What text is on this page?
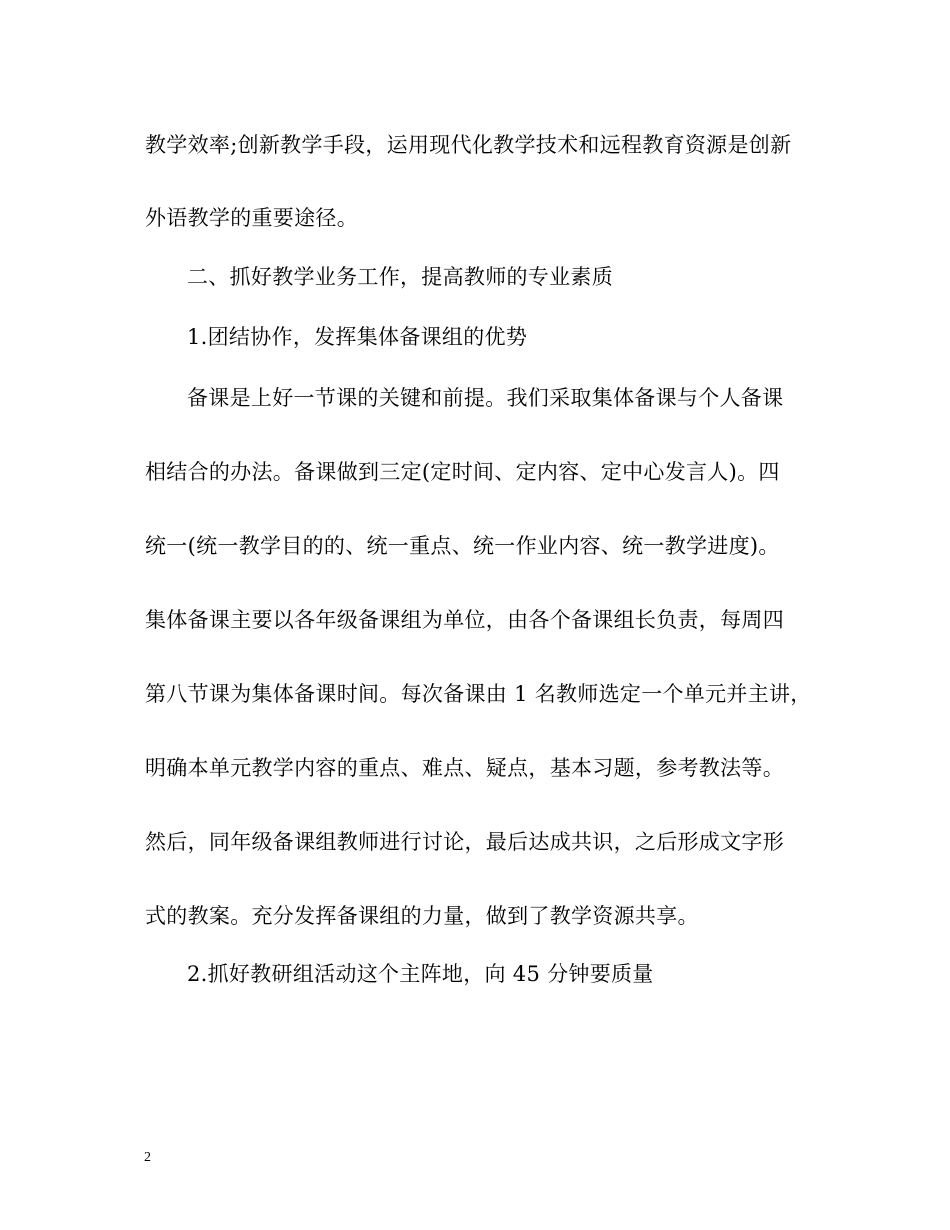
教学效率;创新教学手段，运用现代化教学技术和远程教育资源是创新
外语教学的重要途径。
二、抓好教学业务工作，提高教师的专业素质
1.团结协作，发挥集体备课组的优势
备课是上好一节课的关键和前提。我们采取集体备课与个人备课
相结合的办法。备课做到三定(定时间、定内容、定中心发言人)。四
统一(统一教学目的的、统一重点、统一作业内容、统一教学进度)。
集体备课主要以各年级备课组为单位，由各个备课组长负责，每周四
第八节课为集体备课时间。每次备课由 1 名教师选定一个单元并主讲，
明确本单元教学内容的重点、难点、疑点，基本习题，参考教法等。
然后，同年级备课组教师进行讨论，最后达成共识，之后形成文字形
式的教案。充分发挥备课组的力量，做到了教学资源共享。
2.抓好教研组活动这个主阵地，向 45 分钟要质量
2
